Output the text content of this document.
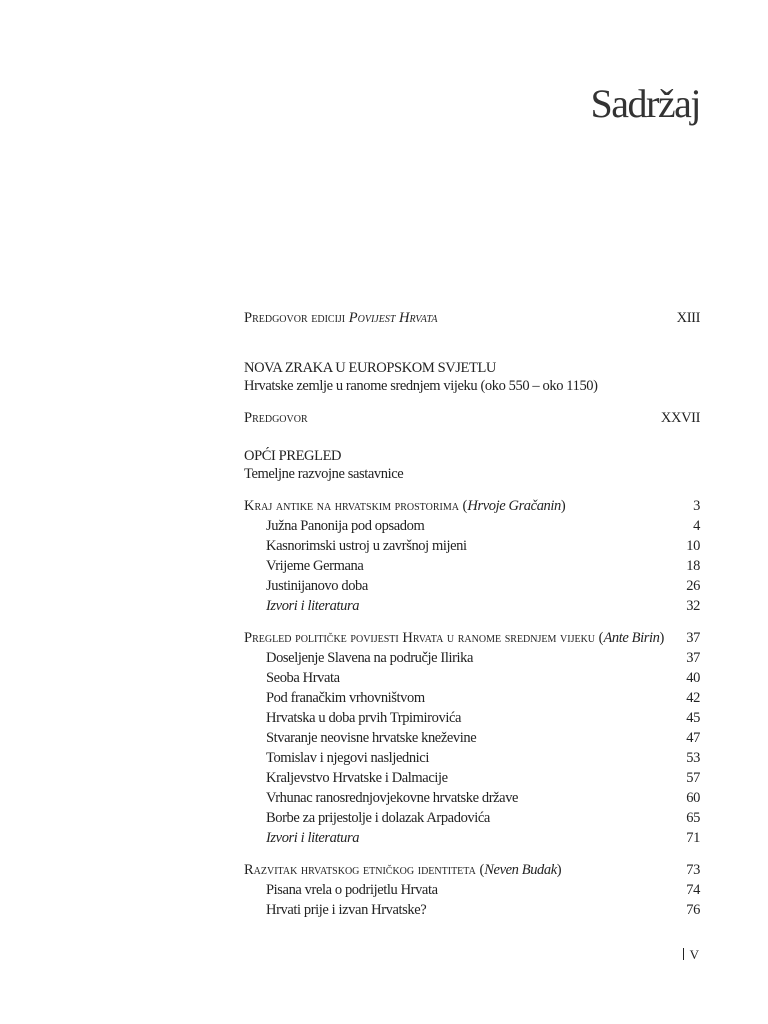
Sadržaj
Predgovor ediciji Povijest Hrvata	XIII
NOVA ZRAKA U EUROPSKOM SVJETLU
Hrvatske zemlje u ranome srednjem vijeku (oko 550 – oko 1150)
Predgovor	XXVII
OPĆI PREGLED
Temeljne razvojne sastavnice
Kraj antike na hrvatskim prostorima (Hrvoje Gračanin)	3
Južna Panonija pod opsadom	4
Kasnorimski ustroj u završnoj mijeni	10
Vrijeme Germana	18
Justinijanovo doba	26
Izvori i literatura	32
Pregled političke povijesti Hrvata u ranome srednjem vijeku (Ante Birin) 37
Doseljenje Slavena na područje Ilirika	37
Seoba Hrvata	40
Pod franačkim vrhovništvom	42
Hrvatska u doba prvih Trpimirovića	45
Stvaranje neovisne hrvatske kneževine	47
Tomislav i njegovi nasljednici	53
Kraljevstvo Hrvatske i Dalmacije	57
Vrhunac ranosrednjovjekovne hrvatske države	60
Borbe za prijestolje i dolazak Arpadovića	65
Izvori i literatura	71
Razvitak hrvatskog etničkog identiteta (Neven Budak)	73
Pisana vrela o podrijetlu Hrvata	74
Hrvati prije i izvan Hrvatske?	76
V
